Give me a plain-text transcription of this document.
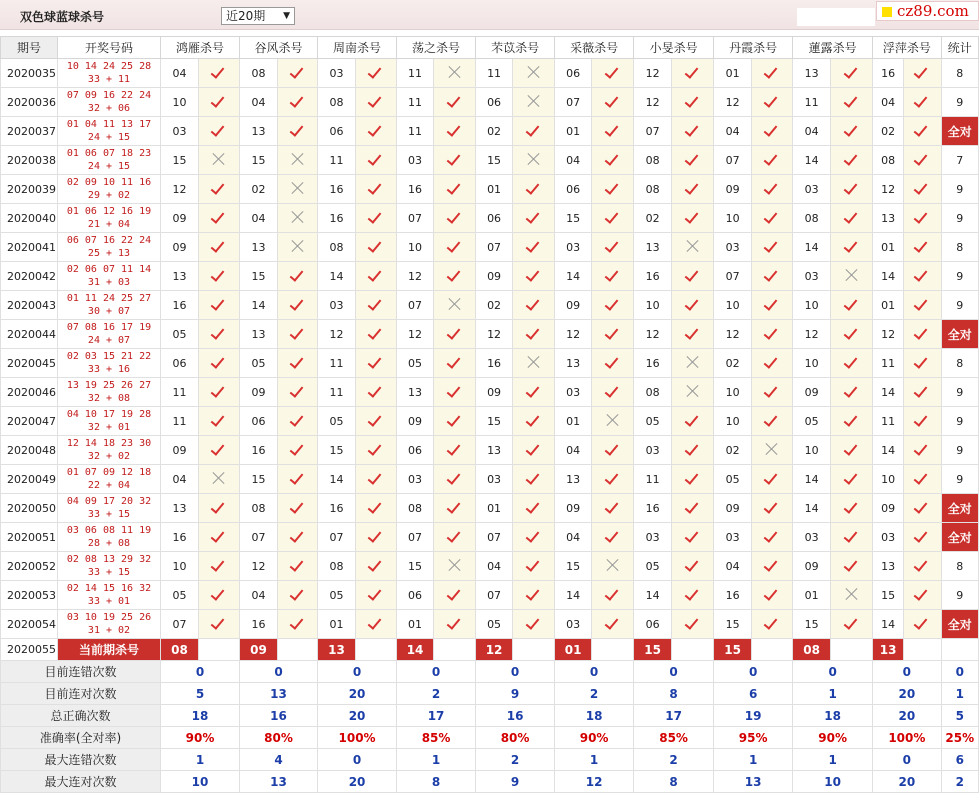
双色球蓝球杀号	近20期 ▼	cz89.com
期号	开奖号码	鸿雁杀号		谷风杀号		周南杀号		荡之杀号		芣苡杀号		采薇杀号		小旻杀号		丹霞杀号		蓮露杀号		浮萍杀号		统计
2020035	10 14 24 25 28
33 + 11	04		08		03		11		11		06		12		01		13		16		8
2020036	07 09 16 22 24
32 + 06	10		04		08		11		06		07		12		12		11		04		9
2020037	01 04 11 13 17
24 + 15	03		13		06		11		02		01		07		04		04		02		全对
2020038	01 06 07 18 23
24 + 15	15		15		11		03		15		04		08		07		14		08		7
2020039	02 09 10 11 16
29 + 02	12		02		16		16		01		06		08		09		03		12		9
2020040	01 06 12 16 19
21 + 04	09		04		16		07		06		15		02		10		08		13		9
2020041	06 07 16 22 24
25 + 13	09		13		08		10		07		03		13		03		14		01		8
2020042	02 06 07 11 14
31 + 03	13		15		14		12		09		14		16		07		03		14		9
2020043	01 11 24 25 27
30 + 07	16		14		03		07		02		09		10		10		10		01		9
2020044	07 08 16 17 19
24 + 07	05		13		12		12		12		12		12		12		12		12		全对
2020045	02 03 15 21 22
33 + 16	06		05		11		05		16		13		16		02		10		11		8
2020046	13 19 25 26 27
32 + 08	11		09		11		13		09		03		08		10		09		14		9
2020047	04 10 17 19 28
32 + 01	11		06		05		09		15		01		05		10		05		11		9
2020048	12 14 18 23 30
32 + 02	09		16		15		06		13		04		03		02		10		14		9
2020049	01 07 09 12 18
22 + 04	04		15		14		03		03		13		11		05		14		10		9
2020050	04 09 17 20 32
33 + 15	13		08		16		08		01		09		16		09		14		09		全对
2020051	03 06 08 11 19
28 + 08	16		07		07		07		07		04		03		03		03		03		全对
2020052	02 08 13 29 32
33 + 15	10		12		08		15		04		15		05		04		09		13		8
2020053	02 14 15 16 32
33 + 01	05		04		05		06		07		14		14		16		01		15		9
2020054	03 10 19 25 26
31 + 02	07		16		01		01		05		03		06		15		15		14		全对
2020055	当前期杀号	08		09		13		14		12		01		15		15		08		13		
目前连错次数		0		0		0		0		0		0		0		0		0		0		0
目前连对次数		5		13		20		2		9		2		8		6		1		20		1
总正确次数		18		16		20		17		16		18		17		19		18		20		5
准确率(全对率)		90%		80%		100%		85%		80%		90%		85%		95%		90%		100%		25%
最大连错次数		1		4		0		1		2		1		2		1		1		0		6
最大连对次数		10		13		20		8		9		12		8		13		10		20		2
